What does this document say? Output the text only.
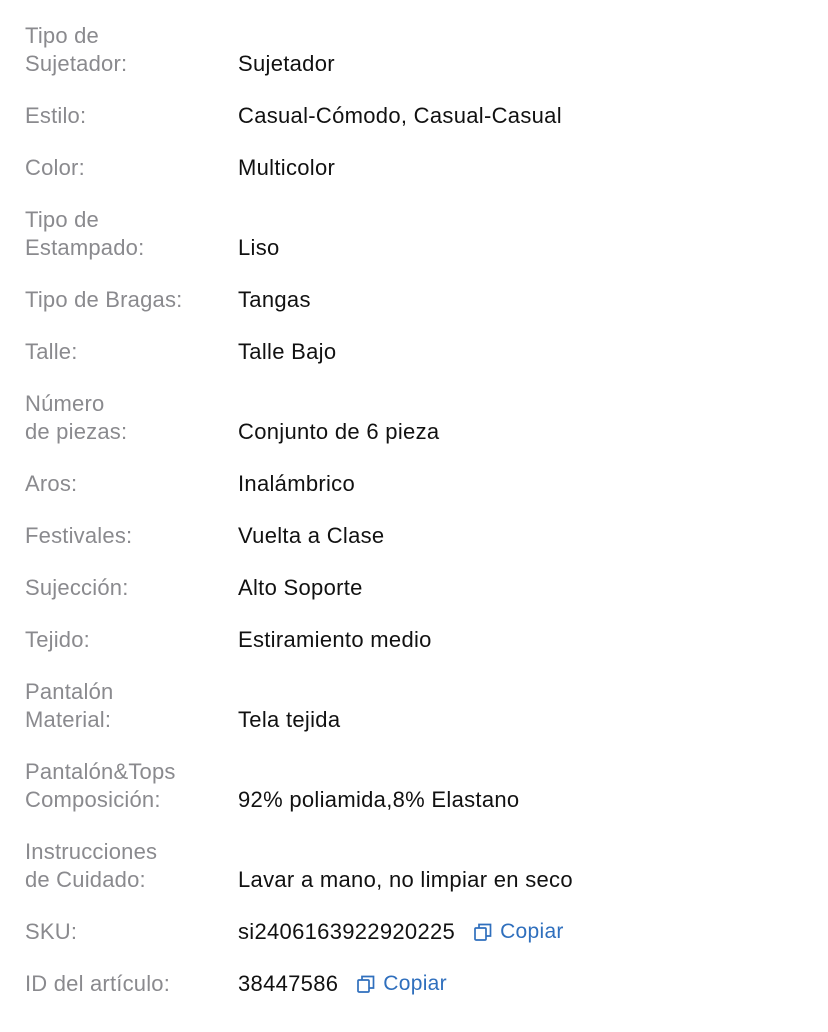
Tipo de
Sujetador:	Sujetador
Estilo:	Casual-Cómodo, Casual-Casual
Color:	Multicolor
Tipo de
Estampado:	Liso
Tipo de Bragas:	Tangas
Talle:	Talle Bajo
Número
de piezas:	Conjunto de 6 pieza
Aros:	Inalámbrico
Festivales:	Vuelta a Clase
Sujección:	Alto Soporte
Tejido:	Estiramiento medio
Pantalón
Material:	Tela tejida
Pantalón&Tops
Composición:	92% poliamida,8% Elastano
Instrucciones
de Cuidado:	Lavar a mano, no limpiar en seco
SKU:	si2406163922920225 Copiar
ID del artículo:	38447586 Copiar
